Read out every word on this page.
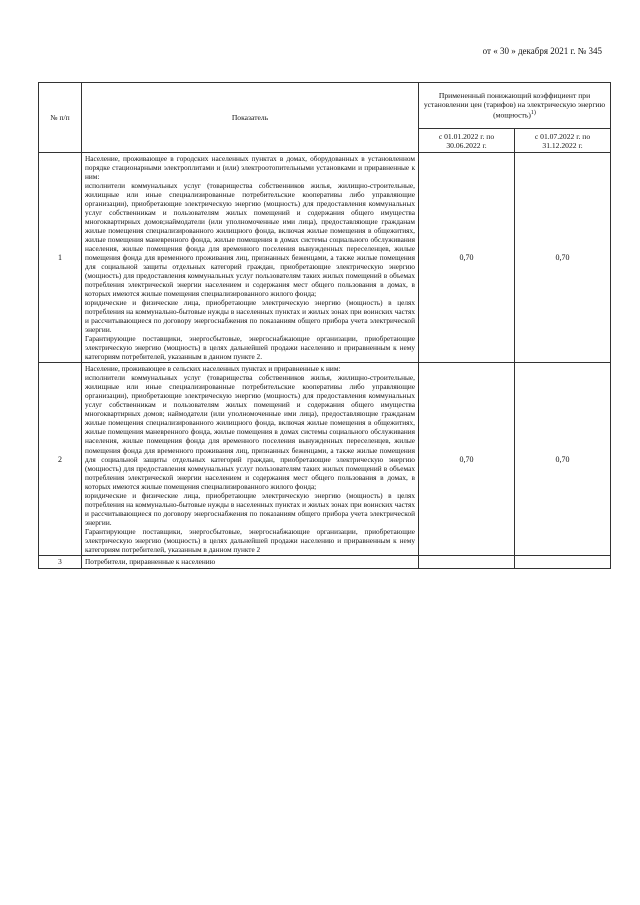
от « 30 » декабря 2021 г. № 345
№ п/п	Показатель	Примененный понижающий коэффициент при установлении цен (тарифов) на электрическую энергию (мощность)$^{1)}$
		с 01.01.2022 г. по 30.06.2022 г.	с 01.07.2022 г. по 31.12.2022 г.
1	Население, проживающее в городских населенных пунктах в домах, оборудованных в установленном порядке стационарными электроплитами и (или) электроотопительными установками и приравненные к ним:

исполнители коммунальных услуг (товарищества собственников жилья, жилищно-строительные, жилищные или иные специализированные потребительские кооперативы либо управляющие организации), приобретающие электрическую энергию (мощность) для предоставления коммунальных услуг собственникам и пользователям жилых помещений и содержания общего имущества многоквартирных домов;наймодатели (или уполномоченные ими лица), предоставляющие гражданам жилые помещения специализированного жилищного фонда, включая жилые помещения в общежитиях, жилые помещения маневренного фонда, жилые помещения в домах системы социального обслуживания населения, жилые помещения фонда для временного поселения вынужденных переселенцев, жилые помещения фонда для временного проживания лиц, признанных беженцами, а также жилые помещения для социальной защиты отдельных категорий граждан, приобретающие электрическую энергию (мощность) для предоставления коммунальных услуг пользователям таких жилых помещений в объемах потребления электрической энергии населением и содержания мест общего пользования в домах, в которых имеются жилые помещения специализированного жилого фонда;

юридические и физические лица, приобретающие электрическую энергию (мощность) в целях потребления на коммунально-бытовые нужды в населенных пунктах и жилых зонах при воинских частях и рассчитывающиеся по договору энергоснабжения по показаниям общего прибора учета электрической энергии.

Гарантирующие поставщики, энергосбытовые, энергоснабжающие организации, приобретающие электрическую энергию (мощность) в целях дальнейшей продажи населению и приравненным к нему категориям потребителей, указанным в данном пункте 2.	0,70	0,70
2	Население, проживающее в сельских населенных пунктах и приравненные к ним:

исполнители коммунальных услуг (товарищества собственников жилья, жилищно-строительные, жилищные или иные специализированные потребительские кооперативы либо управляющие организации), приобретающие электрическую энергию (мощность) для предоставления коммунальных услуг собственникам и пользователям жилых помещений и содержания общего имущества многоквартирных домов; наймодатели (или уполномоченные ими лица), предоставляющие гражданам жилые помещения специализированного жилищного фонда, включая жилые помещения в общежитиях, жилые помещения маневренного фонда, жилые помещения в домах системы социального обслуживания населения, жилые помещения фонда для временного поселения вынужденных переселенцев, жилые помещения фонда для временного проживания лиц, признанных беженцами, а также жилые помещения для социальной защиты отдельных категорий граждан, приобретающие электрическую энергию (мощность) для предоставления коммунальных услуг пользователям таких жилых помещений в объемах потребления электрической энергии населением и содержания мест общего пользования в домах, в которых имеются жилые помещения специализированного жилого фонда;

юридические и физические лица, приобретающие электрическую энергию (мощность) в целях потребления на коммунально-бытовые нужды в населенных пунктах и жилых зонах при воинских частях и рассчитывающиеся по договору энергоснабжения по показаниям общего прибора учета электрической энергии.

Гарантирующие поставщики, энергосбытовые, энергоснабжающие организации, приобретающие электрическую энергию (мощность) в целях дальнейшей продажи населению и приравненным к нему категориям потребителей, указанным в данном пункте 2	0,70	0,70
3	Потребители, приравненные к населению		
